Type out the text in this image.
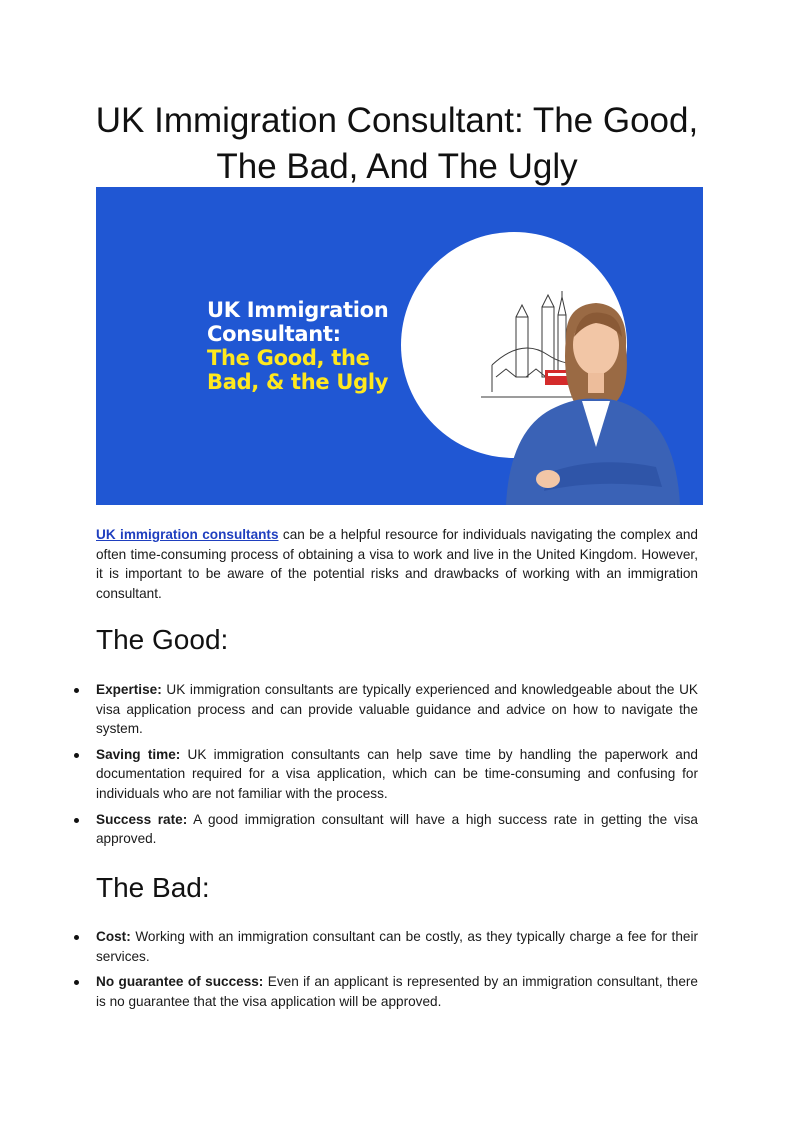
UK Immigration Consultant: The Good,
The Bad, And The Ugly
UK Immigration
Consultant:
The Good, the
Bad, & the Ugly

UK immigration consultants can be a helpful resource for individuals navigating the complex and often time-consuming process of obtaining a visa to work and live in the United Kingdom. However, it is important to be aware of the potential risks and drawbacks of working with an immigration consultant.

The Good:
Expertise: UK immigration consultants are typically experienced and knowledgeable about the UK visa application process and can provide valuable guidance and advice on how to navigate the system.
Saving time: UK immigration consultants can help save time by handling the paperwork and documentation required for a visa application, which can be time-consuming and confusing for individuals who are not familiar with the process.
Success rate: A good immigration consultant will have a high success rate in getting the visa approved.
The Bad:
Cost: Working with an immigration consultant can be costly, as they typically charge a fee for their services.
No guarantee of success: Even if an applicant is represented by an immigration consultant, there is no guarantee that the visa application will be approved.
